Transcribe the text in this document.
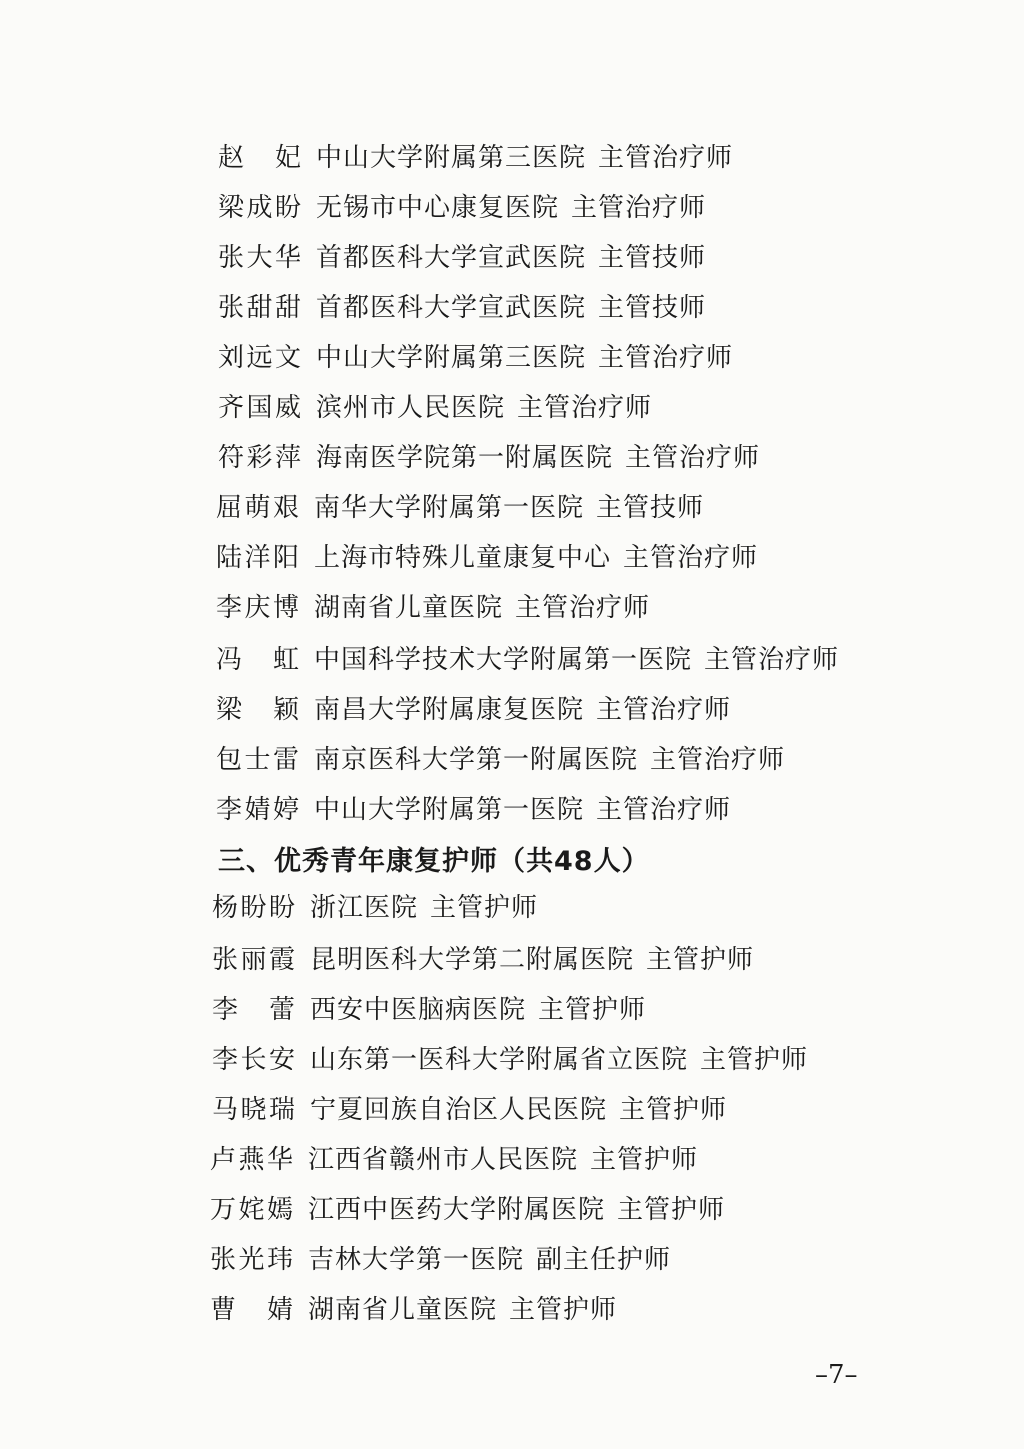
赵妃 中山大学附属第三医院 主管治疗师
梁成盼 无锡市中心康复医院 主管治疗师
张大华 首都医科大学宣武医院 主管技师
张甜甜 首都医科大学宣武医院 主管技师
刘远文 中山大学附属第三医院 主管治疗师
齐国威 滨州市人民医院 主管治疗师
符彩萍 海南医学院第一附属医院 主管治疗师
屈萌艰 南华大学附属第一医院 主管技师
陆洋阳 上海市特殊儿童康复中心 主管治疗师
李庆博 湖南省儿童医院 主管治疗师
冯虹 中国科学技术大学附属第一医院 主管治疗师
梁颖 南昌大学附属康复医院 主管治疗师
包士雷 南京医科大学第一附属医院 主管治疗师
李婧婷 中山大学附属第一医院 主管治疗师
三、优秀青年康复护师（共48人）
杨盼盼 浙江医院 主管护师
张丽霞 昆明医科大学第二附属医院 主管护师
李蕾 西安中医脑病医院 主管护师
李长安 山东第一医科大学附属省立医院 主管护师
马晓瑞 宁夏回族自治区人民医院 主管护师
卢燕华 江西省赣州市人民医院 主管护师
万姹嫣 江西中医药大学附属医院 主管护师
张光玮 吉林大学第一医院 副主任护师
曹婧 湖南省儿童医院 主管护师
–7–
